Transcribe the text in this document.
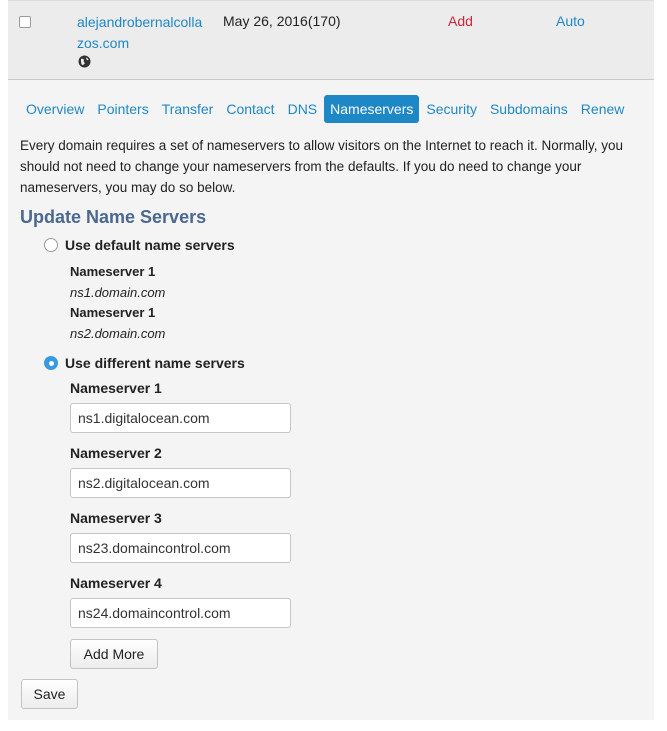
alejandrobernalcollazos.com
May 26, 2016(170)	Add	Auto
Overview Pointers Transfer Contact DNS Nameservers Security Subdomains Renew
Every domain requires a set of nameservers to allow visitors on the Internet to reach it. Normally, you should not need to change your nameservers from the defaults. If you do need to change your nameservers, you may do so below.
Update Name Servers
Use default name servers
Nameserver 1
ns1.domain.com
Nameserver 1
ns2.domain.com
Use different name servers
Nameserver 1
ns1.digitalocean.com
Nameserver 2
ns2.digitalocean.com
Nameserver 3
ns23.domaincontrol.com
Nameserver 4
ns24.domaincontrol.com
Add More
Save
